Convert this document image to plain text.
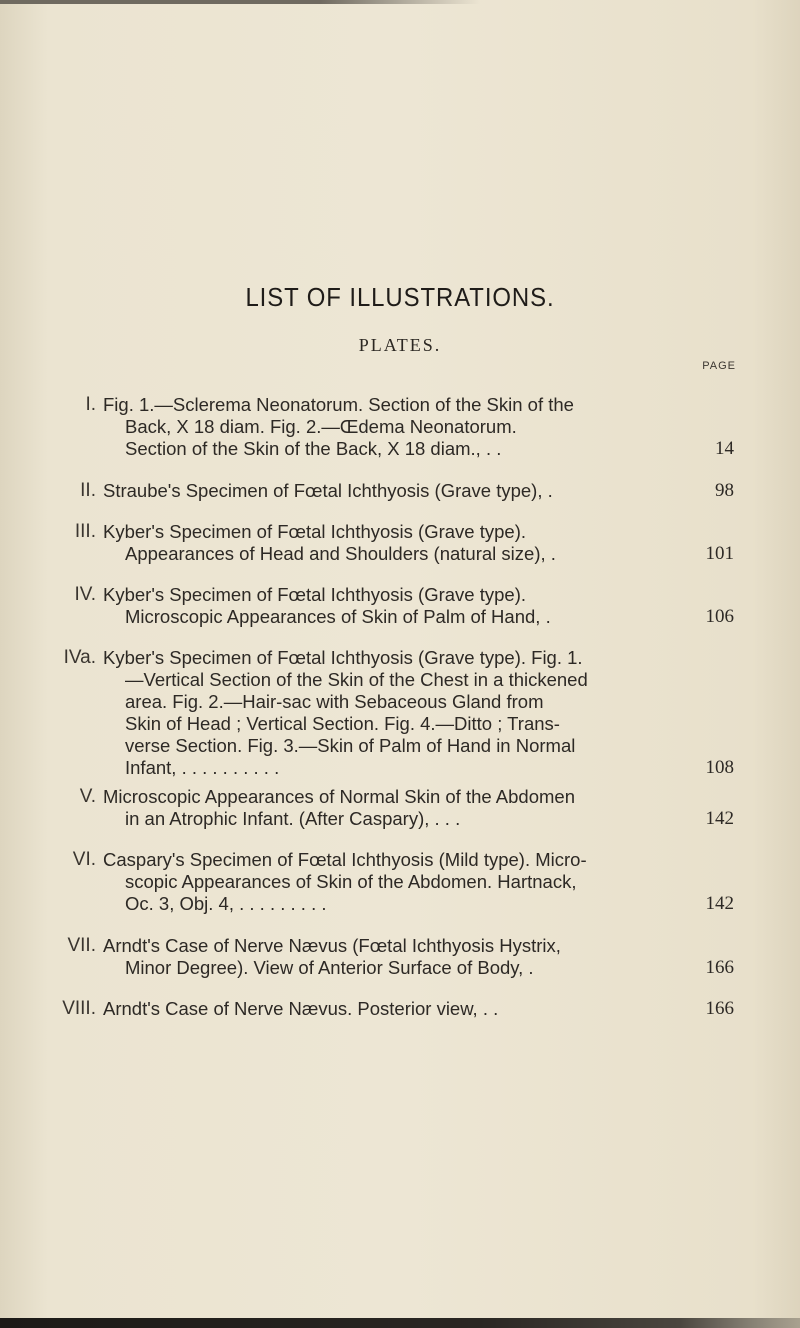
LIST OF ILLUSTRATIONS.
PLATES.
PAGE
I. Fig. 1.—Sclerema Neonatorum. Section of the Skin of the
Back, X 18 diam. Fig. 2.—Œdema Neonatorum.
Section of the Skin of the Back, X 18 diam., . .	14
II. Straube's Specimen of Fœtal Ichthyosis (Grave type), .	98
III. Kyber's Specimen of Fœtal Ichthyosis (Grave type).
Appearances of Head and Shoulders (natural size), .	101
IV. Kyber's Specimen of Fœtal Ichthyosis (Grave type).
Microscopic Appearances of Skin of Palm of Hand, .	106
IVa. Kyber's Specimen of Fœtal Ichthyosis (Grave type). Fig. 1.
—Vertical Section of the Skin of the Chest in a thickened
area. Fig. 2.—Hair-sac with Sebaceous Gland from
Skin of Head ; Vertical Section. Fig. 4.—Ditto ; Trans-
verse Section. Fig. 3.—Skin of Palm of Hand in Normal
Infant, . . . . . . . . . .	108
V. Microscopic Appearances of Normal Skin of the Abdomen
in an Atrophic Infant. (After Caspary), . . .	142
VI. Caspary's Specimen of Fœtal Ichthyosis (Mild type). Micro-
scopic Appearances of Skin of the Abdomen. Hartnack,
Oc. 3, Obj. 4, . . . . . . . . .	142
VII. Arndt's Case of Nerve Nævus (Fœtal Ichthyosis Hystrix,
Minor Degree). View of Anterior Surface of Body, .	166
VIII. Arndt's Case of Nerve Nævus. Posterior view, . .	166
